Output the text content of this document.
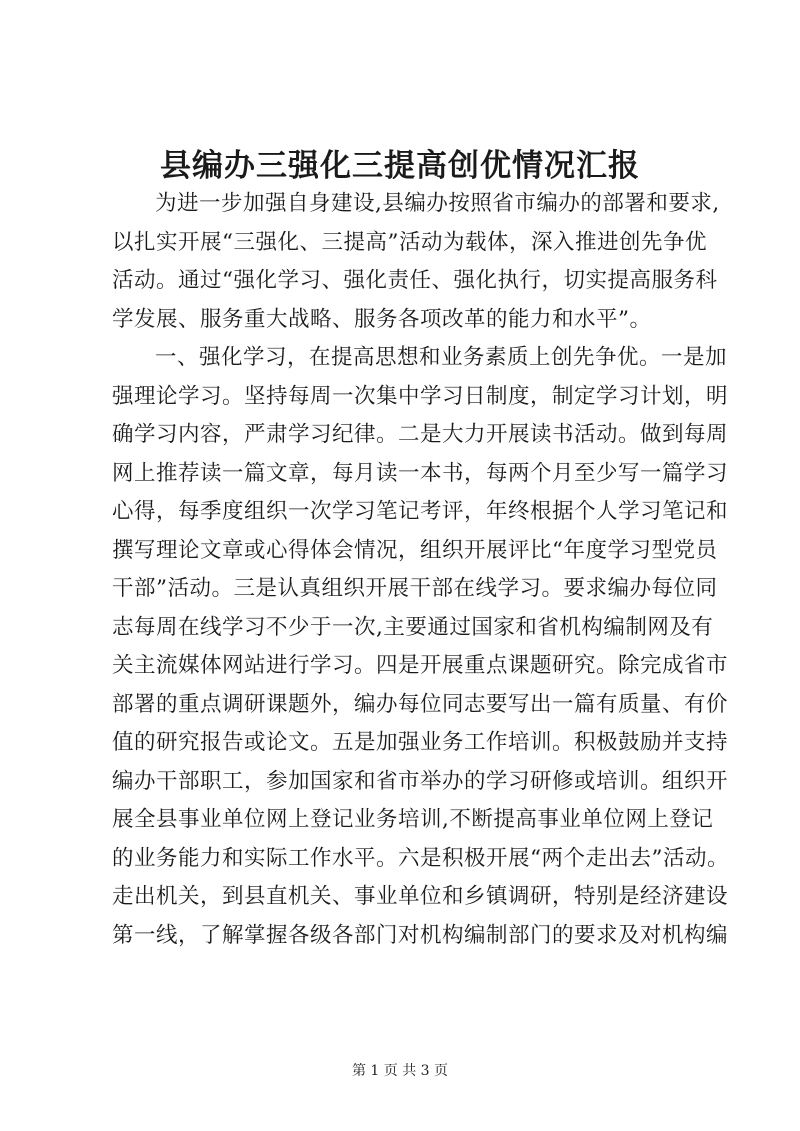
县编办三强化三提高创优情况汇报
为进一步加强自身建设,县编办按照省市编办的部署和要求,
以扎实开展“三强化、三提高”活动为载体，深入推进创先争优
活动。通过“强化学习、强化责任、强化执行，切实提高服务科
学发展、服务重大战略、服务各项改革的能力和水平”。
一、强化学习，在提高思想和业务素质上创先争优。一是加
强理论学习。坚持每周一次集中学习日制度，制定学习计划，明
确学习内容，严肃学习纪律。二是大力开展读书活动。做到每周
网上推荐读一篇文章，每月读一本书，每两个月至少写一篇学习
心得，每季度组织一次学习笔记考评，年终根据个人学习笔记和
撰写理论文章或心得体会情况，组织开展评比“年度学习型党员
干部”活动。三是认真组织开展干部在线学习。要求编办每位同
志每周在线学习不少于一次,主要通过国家和省机构编制网及有
关主流媒体网站进行学习。四是开展重点课题研究。除完成省市
部署的重点调研课题外，编办每位同志要写出一篇有质量、有价
值的研究报告或论文。五是加强业务工作培训。积极鼓励并支持
编办干部职工，参加国家和省市举办的学习研修或培训。组织开
展全县事业单位网上登记业务培训,不断提高事业单位网上登记
的业务能力和实际工作水平。六是积极开展“两个走出去”活动。
走出机关，到县直机关、事业单位和乡镇调研，特别是经济建设
第一线，了解掌握各级各部门对机构编制部门的要求及对机构编
第 1 页 共 3 页
